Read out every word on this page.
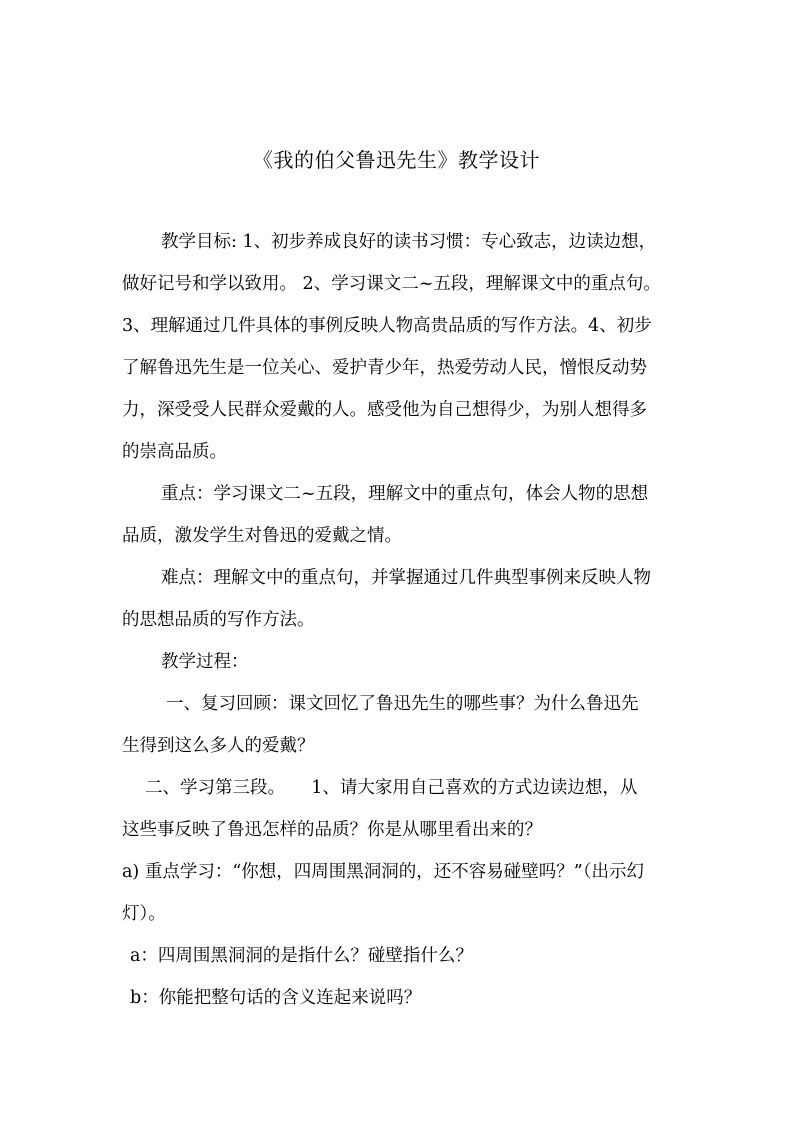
《我的伯父鲁迅先生》教学设计
教学目标: 1、初步养成良好的读书习惯：专心致志，边读边想，
做好记号和学以致用。 2、学习课文二~五段，理解课文中的重点句。
3、理解通过几件具体的事例反映人物高贵品质的写作方法。4、初步
了解鲁迅先生是一位关心、爱护青少年，热爱劳动人民，憎恨反动势
力，深受受人民群众爱戴的人。感受他为自己想得少，为别人想得多
的崇高品质。
重点：学习课文二~五段，理解文中的重点句，体会人物的思想
品质，激发学生对鲁迅的爱戴之情。
难点：理解文中的重点句，并掌握通过几件典型事例来反映人物
的思想品质的写作方法。
教学过程：
一、复习回顾：课文回忆了鲁迅先生的哪些事？为什么鲁迅先
生得到这么多人的爱戴？
二、学习第三段。　　1、请大家用自己喜欢的方式边读边想，从
这些事反映了鲁迅怎样的品质？你是从哪里看出来的？
a) 重点学习：“你想，四周围黑洞洞的，还不容易碰壁吗？”（出示幻
灯）。
a：四周围黑洞洞的是指什么？碰壁指什么？
b：你能把整句话的含义连起来说吗？
